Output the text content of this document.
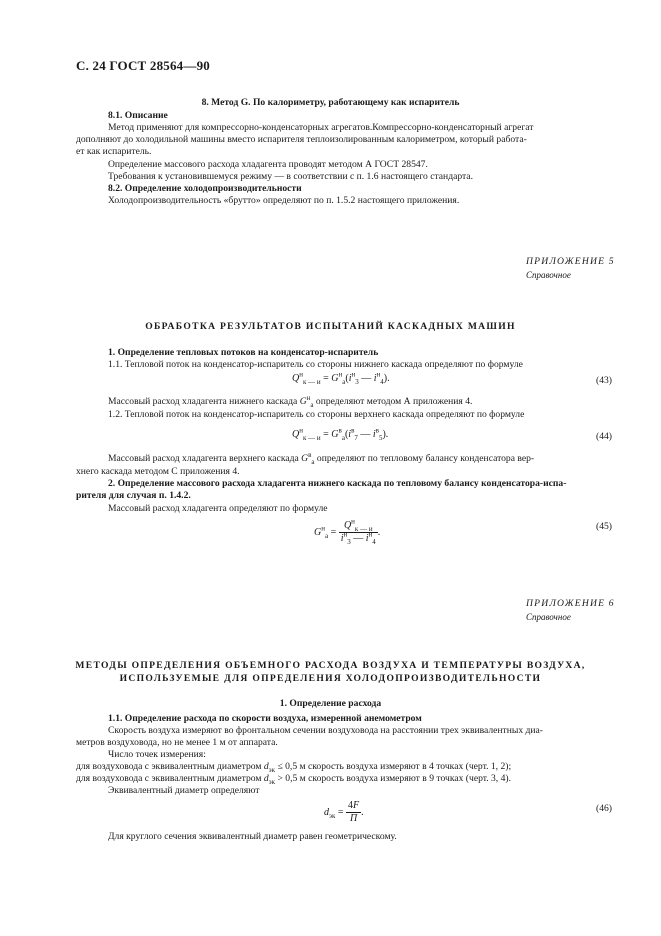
С. 24 ГОСТ 28564—90
8. Метод G. По калориметру, работающему как испаритель
8.1. Описание
Метод применяют для компрессорно-конденсаторных агрегатов.Компрессорно-конденсаторный агрегат
дополняют до холодильной машины вместо испарителя теплоизолированным калориметром, который работа-
ет как испаритель.
Определение массового расхода хладагента проводят методом А ГОСТ 28547.
Требования к установившемуся режиму — в соответствии с п. 1.6 настоящего стандарта.
8.2. Определение холодопроизводительности
Холодопроизводительность «брутто» определяют по п. 1.5.2 настоящего приложения.
ПРИЛОЖЕНИЕ 5
Справочное
ОБРАБОТКА РЕЗУЛЬТАТОВ ИСПЫТАНИЙ КАСКАДНЫХ МАШИН
1. Определение тепловых потоков на конденсатор-испаритель
1.1. Тепловой поток на конденсатор-испаритель со стороны нижнего каскада определяют по формуле
$Q^н_{к — и} = G^н_а(i^н_3$ — $i^н_4$).	(43)
Массовый расход хладагента нижнего каскада $G^н_а$ определяют методом А приложения 4.
1.2. Тепловой поток на конденсатор-испаритель со стороны верхнего каскада определяют по формуле
$Q^н_{к — и} = G^в_а(i^в_7$ — $i^в_5$).	(44)
Массовый расход хладагента верхнего каскада $G^в_а$ определяют по тепловому балансу конденсатора вер-
хнего каскада методом С приложения 4.
2. Определение массового расхода хладагента нижнего каскада по тепловому балансу конденсатора-испа-
рителя для случая п. 1.4.2.
Массовый расход хладагента определяют по формуле
$G^н_а = \frac{Q^н_{к — и}}{i^н_3 — i^н_4}$ .
(45)
ПРИЛОЖЕНИЕ 6
Справочное
МЕТОДЫ ОПРЕДЕЛЕНИЯ ОБЪЕМНОГО РАСХОДА ВОЗДУХА И ТЕМПЕРАТУРЫ ВОЗДУХА,
ИСПОЛЬЗУЕМЫЕ ДЛЯ ОПРЕДЕЛЕНИЯ ХОЛОДОПРОИЗВОДИТЕЛЬНОСТИ
1. Определение расхода
1.1. Определение расхода по скорости воздуха, измеренной анемометром
Скорость воздуха измеряют во фронтальном сечении воздуховода на расстоянии трех эквивалентных диа-
метров воздуховода, но не менее 1 м от аппарата.
Число точек измерения:
для воздуховода с эквивалентным диаметром $d_{эк} \le 0,5$ м скорость воздуха измеряют в 4 точках (черт. 1, 2);
для воздуховода с эквивалентным диаметром $d_{эк} > 0,5$ м скорость воздуха измеряют в 9 точках (черт. 3, 4).
Эквивалентный диаметр определяют
$d_{эк} = \frac{4F}{П}$ .	(46)
Для круглого сечения эквивалентный диаметр равен геометрическому.
